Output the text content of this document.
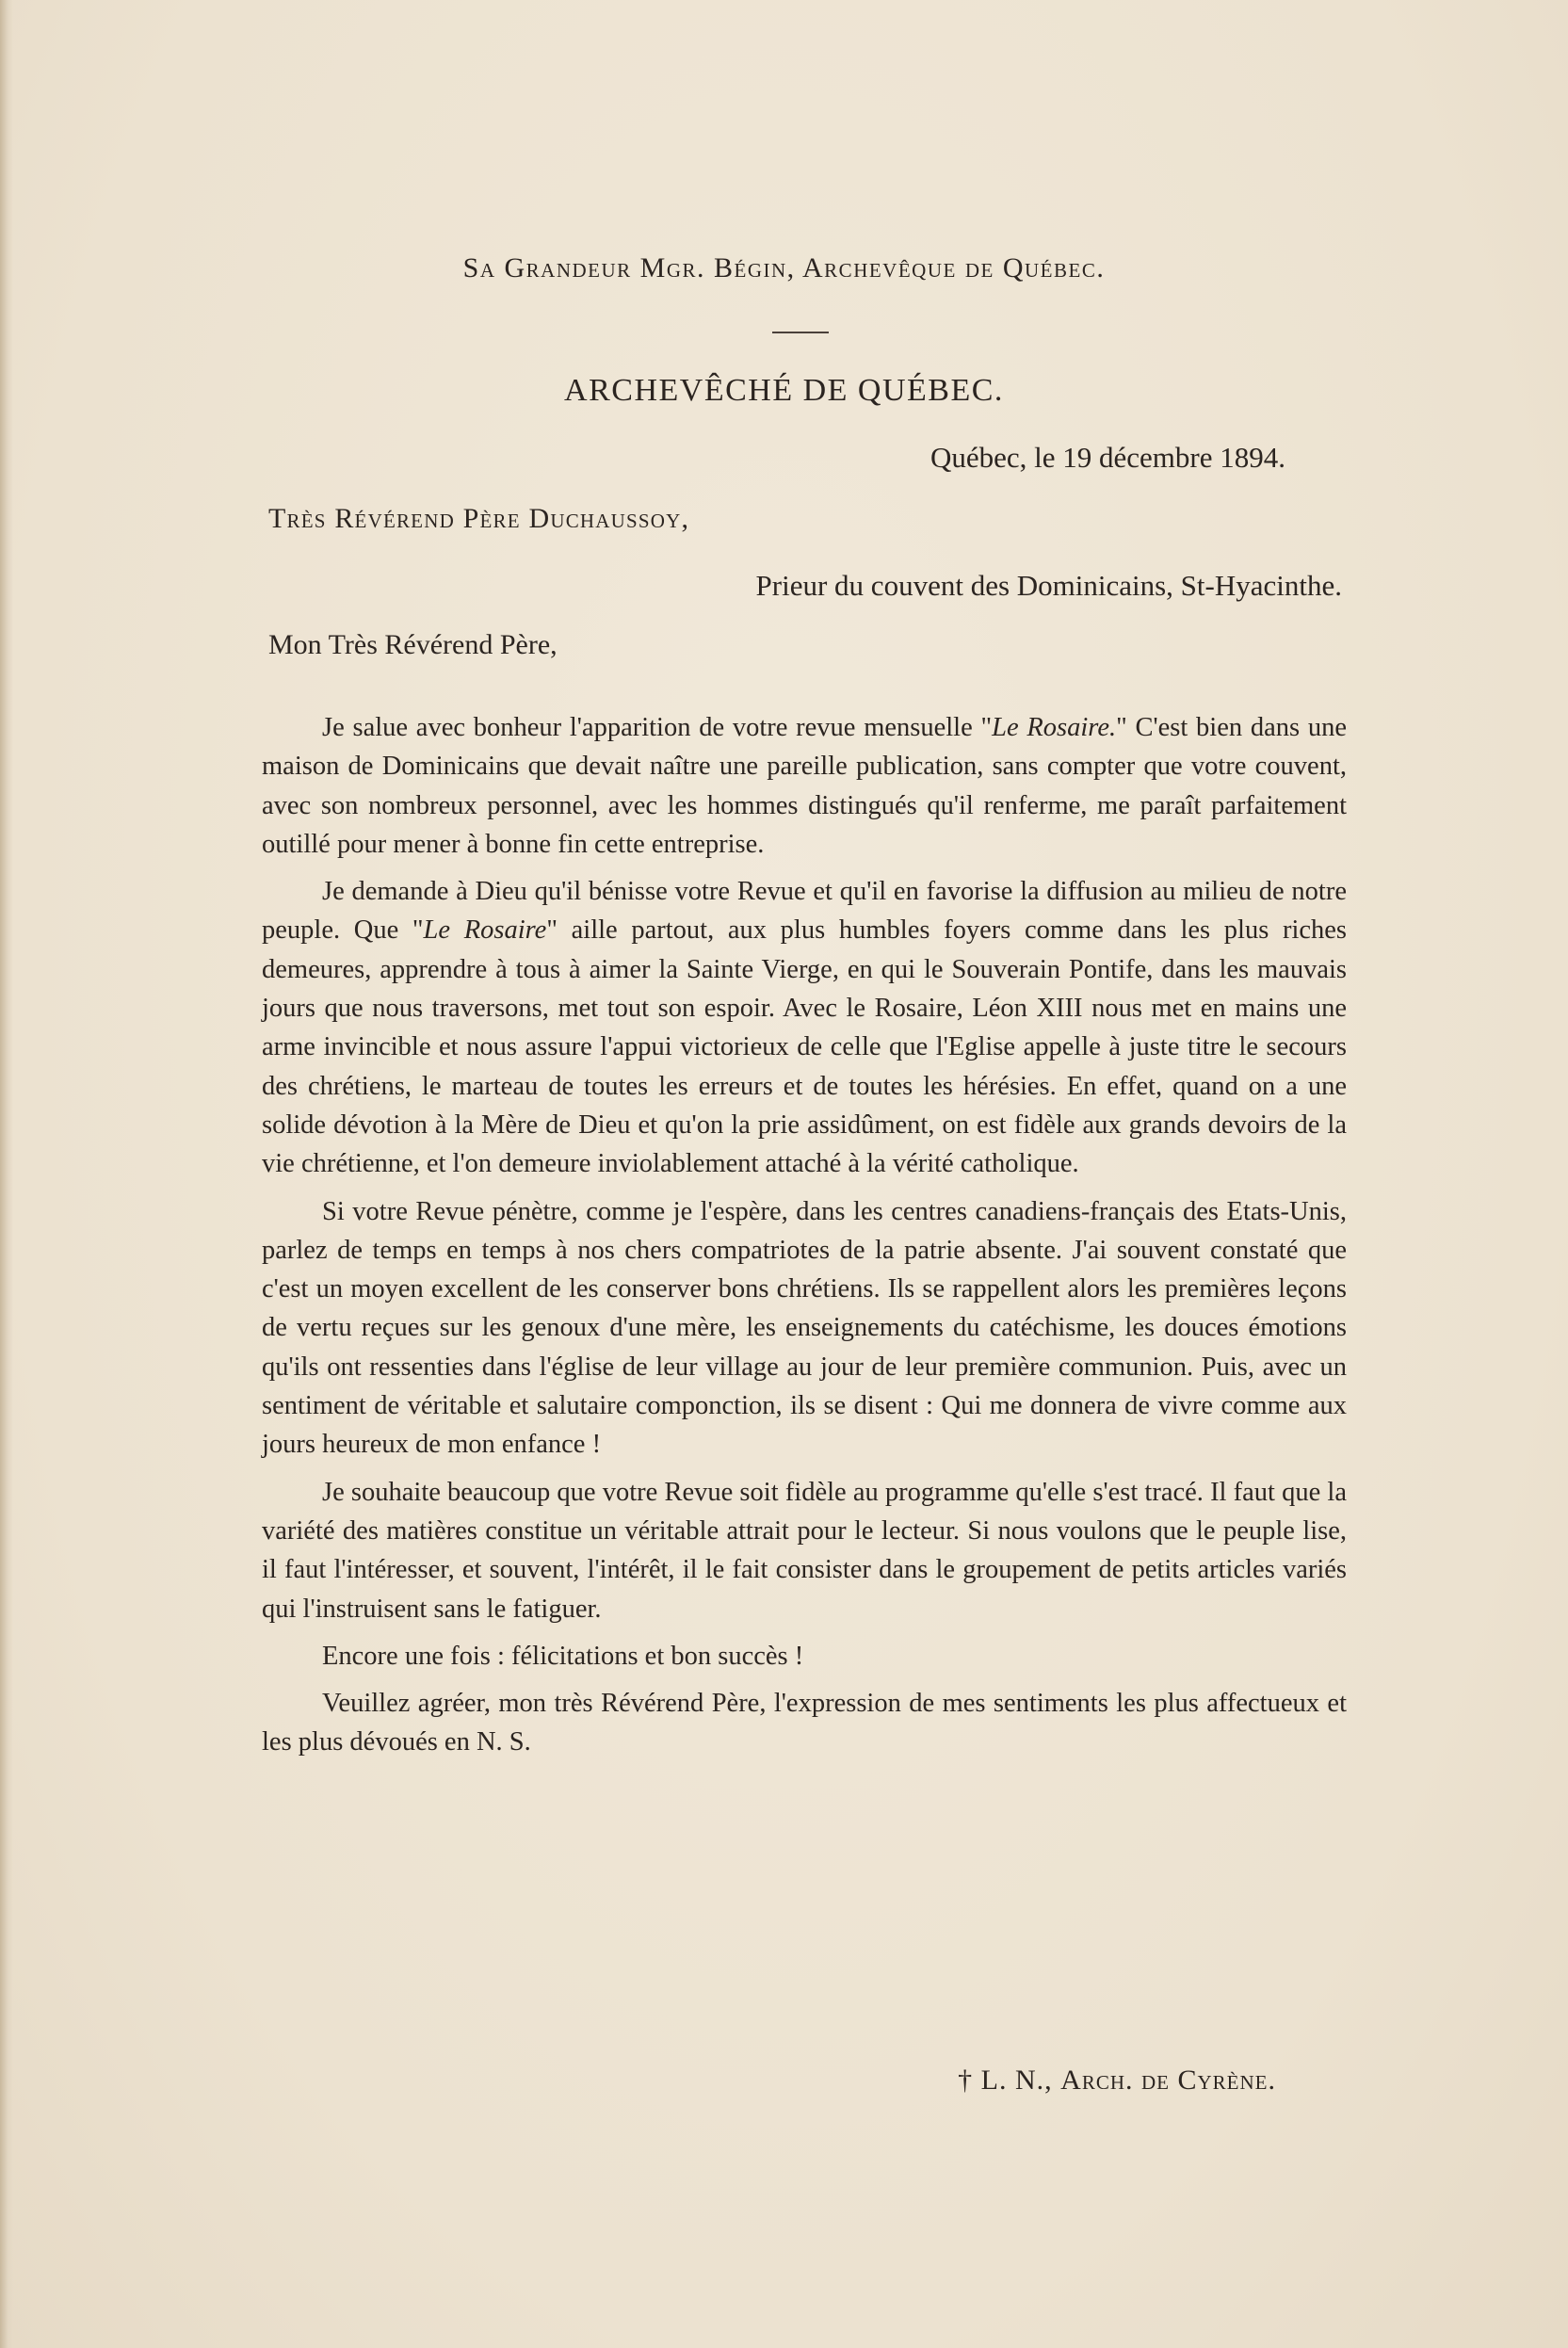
Sa Grandeur Mgr. Bégin, Archevêque de Québec.
ARCHEVÊCHÉ DE QUÉBEC.
Québec, le 19 décembre 1894.
Très Révérend Père Duchaussoy,
Prieur du couvent des Dominicains, St-Hyacinthe.
Mon Très Révérend Père,

Je salue avec bonheur l'apparition de votre revue mensuelle "Le Rosaire." C'est bien dans une maison de Dominicains que devait naître une pareille publication, sans compter que votre couvent, avec son nombreux personnel, avec les hommes distingués qu'il renferme, me paraît parfaitement outillé pour mener à bonne fin cette entreprise.

Je demande à Dieu qu'il bénisse votre Revue et qu'il en favorise la diffusion au milieu de notre peuple. Que "Le Rosaire" aille partout, aux plus humbles foyers comme dans les plus riches demeures, apprendre à tous à aimer la Sainte Vierge, en qui le Souverain Pontife, dans les mauvais jours que nous traversons, met tout son espoir. Avec le Rosaire, Léon XIII nous met en mains une arme invincible et nous assure l'appui victorieux de celle que l'Eglise appelle à juste titre le secours des chrétiens, le marteau de toutes les erreurs et de toutes les hérésies. En effet, quand on a une solide dévotion à la Mère de Dieu et qu'on la prie assidûment, on est fidèle aux grands devoirs de la vie chrétienne, et l'on demeure inviolablement attaché à la vérité catholique.

Si votre Revue pénètre, comme je l'espère, dans les centres canadiens-français des Etats-Unis, parlez de temps en temps à nos chers compatriotes de la patrie absente. J'ai souvent constaté que c'est un moyen excellent de les conserver bons chrétiens. Ils se rappellent alors les premières leçons de vertu reçues sur les genoux d'une mère, les enseignements du catéchisme, les douces émotions qu'ils ont ressenties dans l'église de leur village au jour de leur première communion. Puis, avec un sentiment de véritable et salutaire componction, ils se disent : Qui me donnera de vivre comme aux jours heureux de mon enfance !

Je souhaite beaucoup que votre Revue soit fidèle au programme qu'elle s'est tracé. Il faut que la variété des matières constitue un véritable attrait pour le lecteur. Si nous voulons que le peuple lise, il faut l'intéresser, et souvent, l'intérêt, il le fait consister dans le groupement de petits articles variés qui l'instruisent sans le fatiguer.

Encore une fois : félicitations et bon succès !

Veuillez agréer, mon très Révérend Père, l'expression de mes sentiments les plus affectueux et les plus dévoués en N. S.

† L. N., Arch. de Cyrène.
